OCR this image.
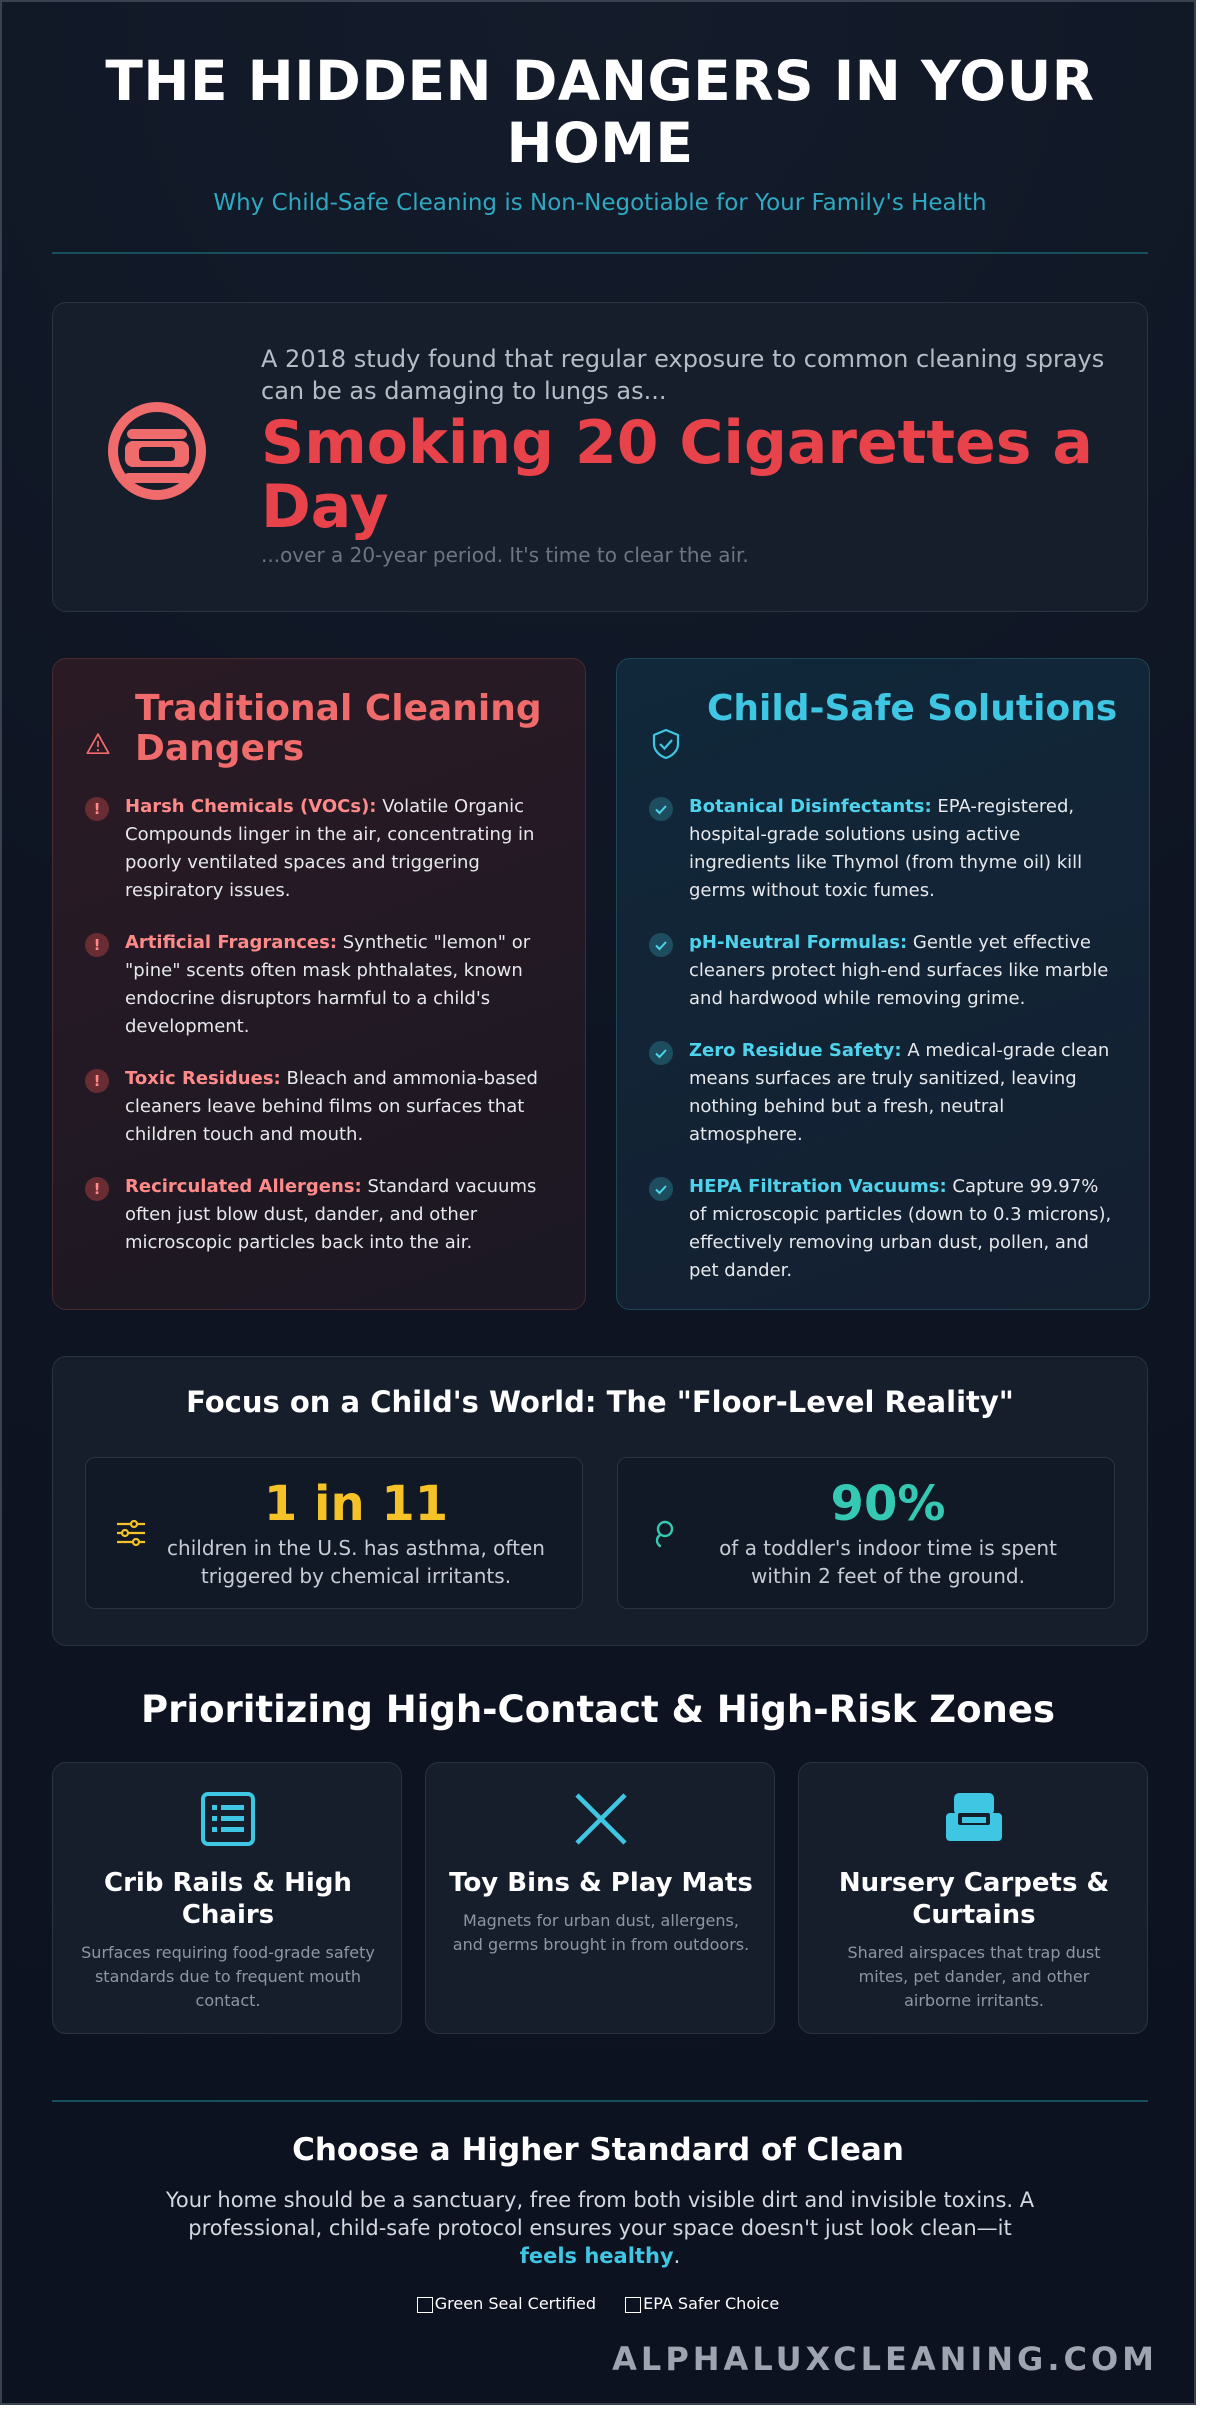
THE HIDDEN DANGERS IN YOUR HOME
Why Child-Safe Cleaning is Non-Negotiable for Your Family's Health
A 2018 study found that regular exposure to common cleaning sprays can be as damaging to lungs as...
Smoking 20 Cigarettes a Day
...over a 20-year period. It's time to clear the air.
Traditional Cleaning Dangers
!	Harsh Chemicals (VOCs): Volatile Organic Compounds linger in the air, concentrating in poorly ventilated spaces and triggering respiratory issues.
!	Artificial Fragrances: Synthetic "lemon" or "pine" scents often mask phthalates, known endocrine disruptors harmful to a child's development.
!	Toxic Residues: Bleach and ammonia-based cleaners leave behind films on surfaces that children touch and mouth.
!	Recirculated Allergens: Standard vacuums often just blow dust, dander, and other microscopic particles back into the air.
Child-Safe Solutions
Botanical Disinfectants: EPA-registered, hospital-grade solutions using active ingredients like Thymol (from thyme oil) kill germs without toxic fumes.
pH-Neutral Formulas: Gentle yet effective cleaners protect high-end surfaces like marble and hardwood while removing grime.
Zero Residue Safety: A medical-grade clean means surfaces are truly sanitized, leaving nothing behind but a fresh, neutral atmosphere.
HEPA Filtration Vacuums: Capture 99.97% of microscopic particles (down to 0.3 microns), effectively removing urban dust, pollen, and pet dander.
Focus on a Child's World: The "Floor-Level Reality"
1 in 11
children in the U.S. has asthma, often triggered by chemical irritants.
90%
of a toddler's indoor time is spent within 2 feet of the ground.
Prioritizing High-Contact & High-Risk Zones
Crib Rails & High Chairs

Surfaces requiring food-grade safety standards due to frequent mouth contact.

Toy Bins & Play Mats

Magnets for urban dust, allergens, and germs brought in from outdoors.

Nursery Carpets & Curtains

Shared airspaces that trap dust mites, pet dander, and other airborne irritants.

Choose a Higher Standard of Clean
Your home should be a sanctuary, free from both visible dirt and invisible toxins. A professional, child-safe protocol ensures your space doesn't just look clean—it feels healthy.
Green Seal Certified
	EPA Safer Choice
ALPHALUXCLEANING.COM
